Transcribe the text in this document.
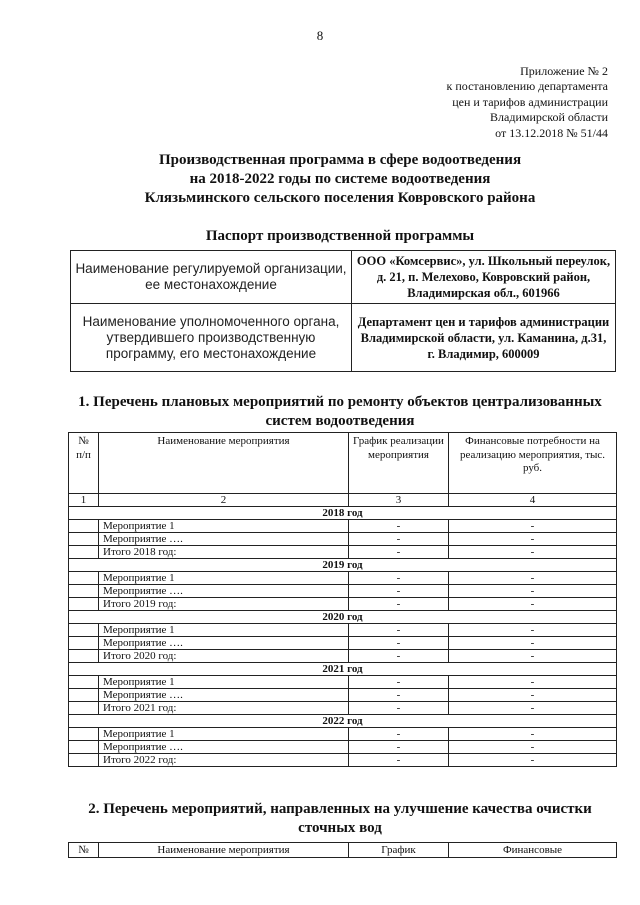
8
Приложение № 2
к постановлению департамента
цен и тарифов администрации
Владимирской области
от 13.12.2018 № 51/44
Производственная программа в сфере водоотведения
на 2018-2022 годы по системе водоотведения
Клязьминского сельского поселения Ковровского района
Паспорт производственной программы
Наименование регулируемой организации, ее местонахождение	ООО «Комсервис», ул. Школьный переулок, д. 21, п. Мелехово, Ковровский район, Владимирская обл., 601966
Наименование уполномоченного органа, утвердившего производственную программу, его местонахождение	Департамент цен и тарифов администрации Владимирской области, ул. Каманина, д.31, г. Владимир, 600009
1. Перечень плановых мероприятий по ремонту объектов централизованных
систем водоотведения
№ п/п	Наименование мероприятия	График реализации мероприятия	Финансовые потребности на реализацию мероприятия, тыс. руб.
1	2	3	4
2018 год			
	Мероприятие 1	-	-
	Мероприятие ….	-	-
	Итого 2018 год:	-	-
2019 год			
	Мероприятие 1	-	-
	Мероприятие ….	-	-
	Итого 2019 год:	-	-
2020 год			
	Мероприятие 1	-	-
	Мероприятие ….	-	-
	Итого 2020 год:	-	-
2021 год			
	Мероприятие 1	-	-
	Мероприятие ….	-	-
	Итого 2021 год:	-	-
2022 год			
	Мероприятие 1	-	-
	Мероприятие ….	-	-
	Итого 2022 год:	-	-
2. Перечень мероприятий, направленных на улучшение качества очистки
сточных вод
№	Наименование мероприятия	График	Финансовые
